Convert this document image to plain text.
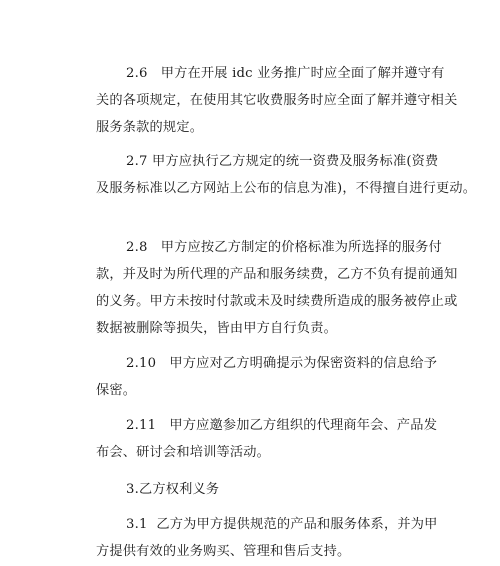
2.6   甲方在开展 idc 业务推广时应全面了解并遵守有
关的各项规定，在使用其它收费服务时应全面了解并遵守相关
服务条款的规定。
2.7 甲方应执行乙方规定的统一资费及服务标准(资费
及服务标准以乙方网站上公布的信息为准)，不得擅自进行更动。
2.8   甲方应按乙方制定的价格标准为所选择的服务付
款，并及时为所代理的产品和服务续费，乙方不负有提前通知
的义务。甲方未按时付款或未及时续费所造成的服务被停止或
数据被删除等损失，皆由甲方自行负责。
2.10   甲方应对乙方明确提示为保密资料的信息给予
保密。
2.11   甲方应邀参加乙方组织的代理商年会、产品发
布会、研讨会和培训等活动。
3.乙方权利义务
3.1  乙方为甲方提供规范的产品和服务体系，并为甲
方提供有效的业务购买、管理和售后支持。
